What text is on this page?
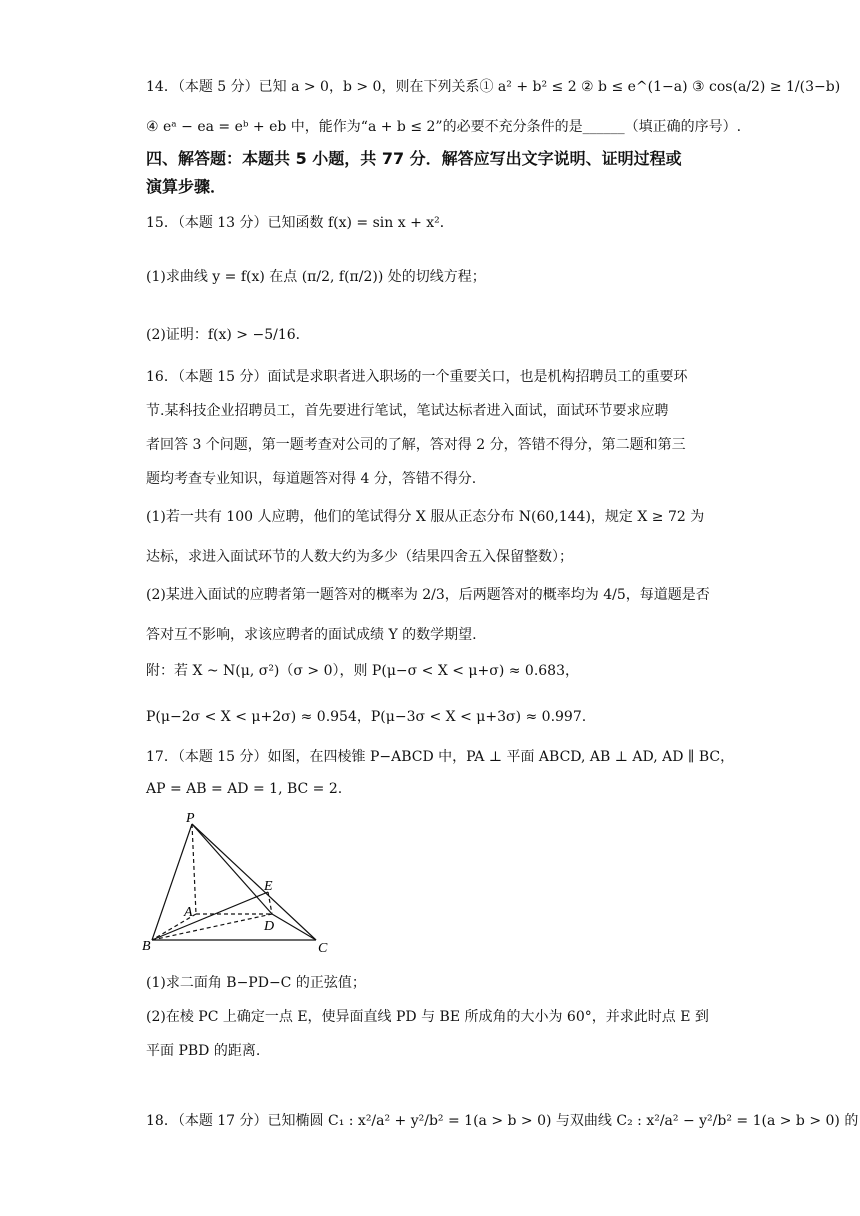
14．（本题 5 分）已知 a > 0，b > 0，则在下列关系① a² + b² ≤ 2 ② b ≤ e^(1−a) ③ cos(a/2) ≥ 1/(3−b)
④ eᵃ − ea = eᵇ + eb 中，能作为“a + b ≤ 2”的必要不充分条件的是______（填正确的序号）.
四、解答题：本题共 5 小题，共 77 分．解答应写出文字说明、证明过程或
演算步骤．
15．（本题 13 分）已知函数 f(x) = sin x + x²．
(1)求曲线 y = f(x) 在点 (π/2, f(π/2)) 处的切线方程；
(2)证明：f(x) > −5/16．
16．（本题 15 分）面试是求职者进入职场的一个重要关口，也是机构招聘员工的重要环
节.某科技企业招聘员工，首先要进行笔试，笔试达标者进入面试，面试环节要求应聘
者回答 3 个问题，第一题考查对公司的了解，答对得 2 分，答错不得分，第二题和第三
题均考查专业知识，每道题答对得 4 分，答错不得分.
(1)若一共有 100 人应聘，他们的笔试得分 X 服从正态分布 N(60,144)，规定 X ≥ 72 为
达标，求进入面试环节的人数大约为多少（结果四舍五入保留整数）；
(2)某进入面试的应聘者第一题答对的概率为 2/3，后两题答对的概率均为 4/5，每道题是否
答对互不影响，求该应聘者的面试成绩 Y 的数学期望.
附：若 X ~ N(μ, σ²)（σ > 0），则 P(μ−σ < X < μ+σ) ≈ 0.683，
P(μ−2σ < X < μ+2σ) ≈ 0.954，P(μ−3σ < X < μ+3σ) ≈ 0.997.
17．（本题 15 分）如图，在四棱锥 P−ABCD 中，PA ⊥ 平面 ABCD, AB ⊥ AD, AD ∥ BC，
AP = AB = AD = 1, BC = 2.
P
A
B	C
D
E
(1)求二面角 B−PD−C 的正弦值；
(2)在棱 PC 上确定一点 E，使异面直线 PD 与 BE 所成角的大小为 60°，并求此时点 E 到
平面 PBD 的距离.
18．（本题 17 分）已知椭圆 C₁ : x²/a² + y²/b² = 1(a > b > 0) 与双曲线 C₂ : x²/a² − y²/b² = 1(a > b > 0) 的
